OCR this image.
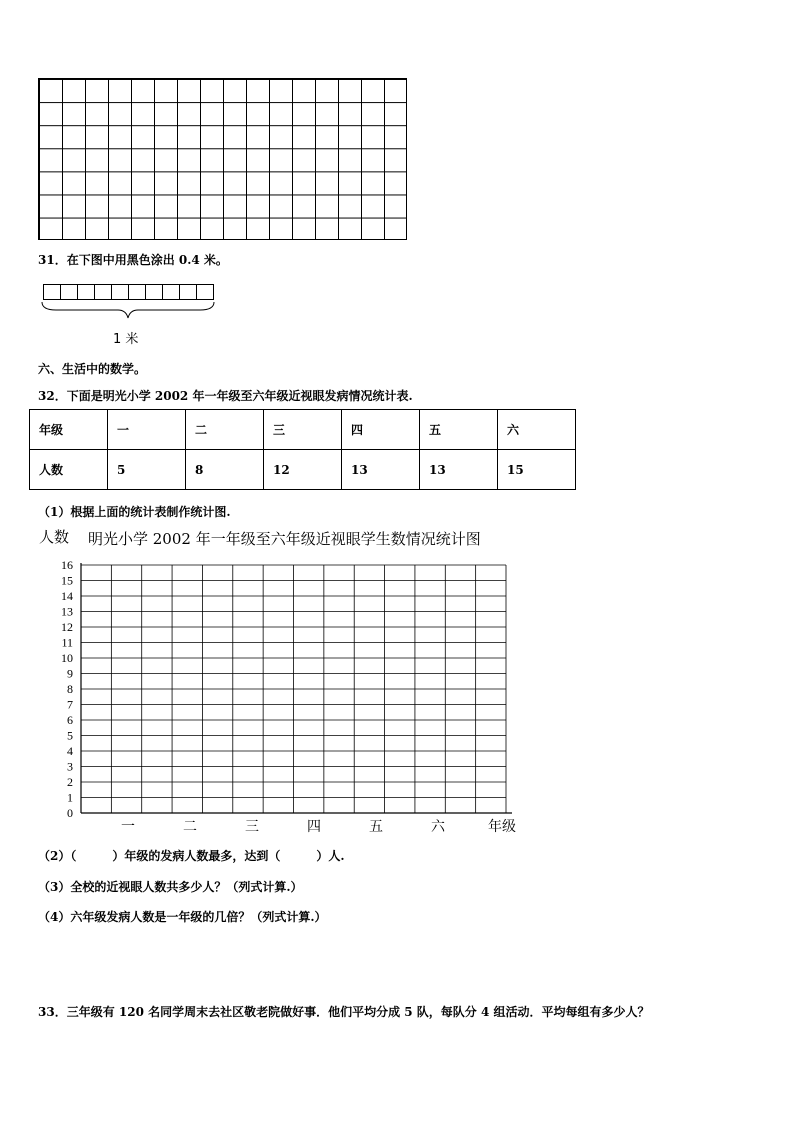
31．在下图中用黑色涂出 0.4 米。
1 米
六、生活中的数学。
32．下面是明光小学 2002 年一年级至六年级近视眼发病情况统计表.
年级	一	二	三	四	五	六
人数	5	8	12	13	13	15
（1）根据上面的统计表制作统计图.
明光小学 2002 年一年级至六年级近视眼学生数情况统计图
人数
0
1
2
3
4
5
6
7
8
9
10
11
12
13
14
15
16
一	二	三	四	五	六	年级
（2）（	）年级的发病人数最多，达到（	）人.
（3）全校的近视眼人数共多少人？（列式计算.）
（4）六年级发病人数是一年级的几倍？（列式计算.）
33．三年级有 120 名同学周末去社区敬老院做好事．他们平均分成 5 队，每队分 4 组活动．平均每组有多少人？
